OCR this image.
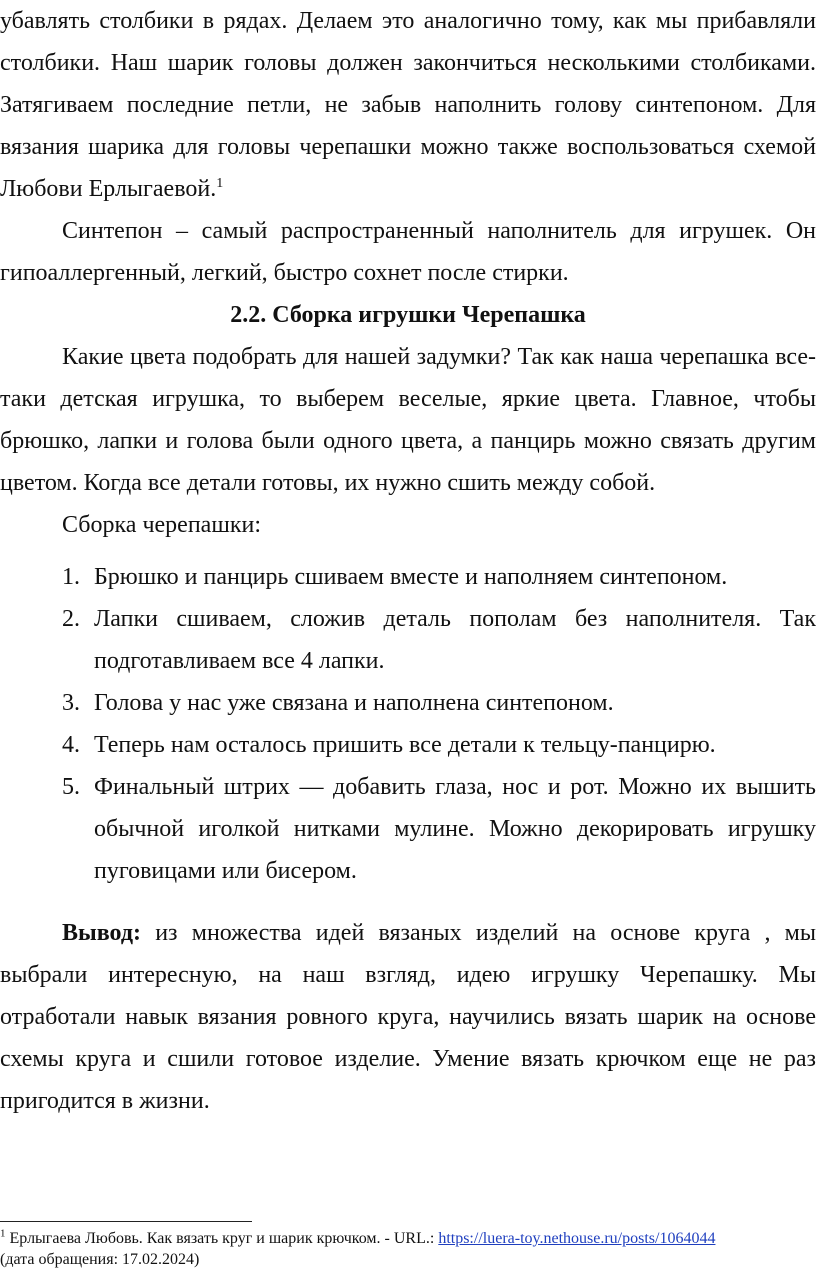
убавлять столбики в рядах. Делаем это аналогично тому, как мы прибавляли столбики. Наш шарик головы должен закончиться несколькими столбиками. Затягиваем последние петли, не забыв наполнить голову синтепоном. Для вязания шарика для головы черепашки можно также воспользоваться схемой Любови Ерлыгаевой.$^1$

Синтепон – самый распространенный наполнитель для игрушек. Он гипоаллергенный, легкий, быстро сохнет после стирки.

2.2. Сборка игрушки Черепашка

Какие цвета подобрать для нашей задумки? Так как наша черепашка все-таки детская игрушка, то выберем веселые, яркие цвета. Главное, чтобы брюшко, лапки и голова были одного цвета, а панцирь можно связать другим цветом. Когда все детали готовы, их нужно сшить между собой.

Сборка черепашки:

1. Брюшко и панцирь сшиваем вместе и наполняем синтепоном.
2. Лапки сшиваем, сложив деталь пополам без наполнителя. Так подготавливаем все 4 лапки.
3. Голова у нас уже связана и наполнена синтепоном.
4. Теперь нам осталось пришить все детали к тельцу-панцирю.
5. Финальный штрих — добавить глаза, нос и рот. Можно их вышить обычной иголкой нитками мулине. Можно декорировать игрушку пуговицами или бисером.

Вывод: из множества идей вязаных изделий на основе круга , мы выбрали интересную, на наш взгляд, идею игрушку Черепашку. Мы отработали навык вязания ровного круга, научились вязать шарик на основе схемы круга и сшили готовое изделие. Умение вязать крючком еще не раз пригодится в жизни.

$^1$ Ерлыгаева Любовь. Как вязать круг и шарик крючком. - URL.: https://luera-toy.nethouse.ru/posts/1064044
(дата обращения: 17.02.2024)
